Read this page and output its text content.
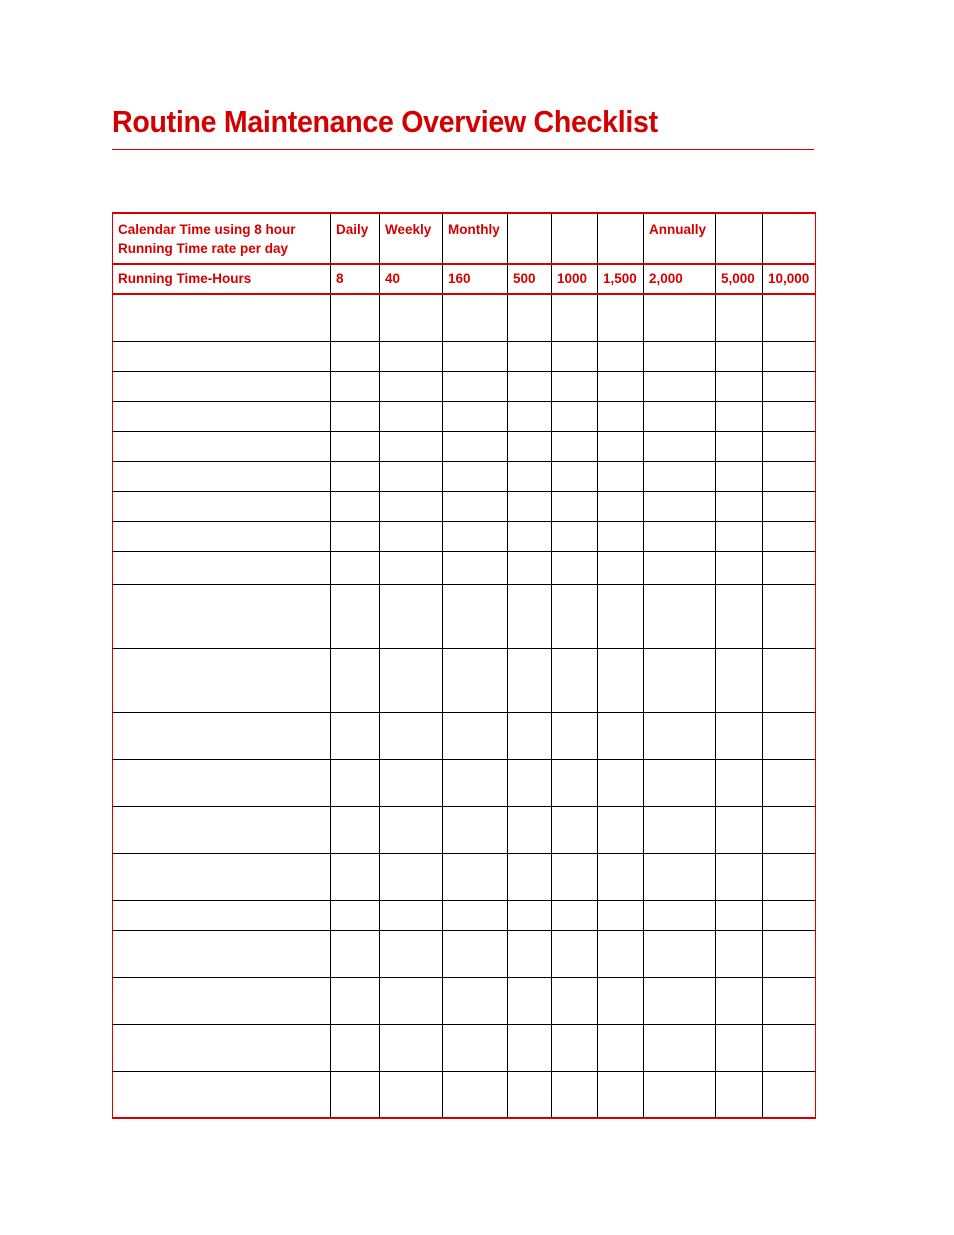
Routine Maintenance Overview Checklist
Calendar Time using 8 hour Running Time rate per day	Daily	Weekly	Monthly				Annually		
Running Time-Hours	8	40	160	500	1000	1,500	2,000	5,000	10,000
